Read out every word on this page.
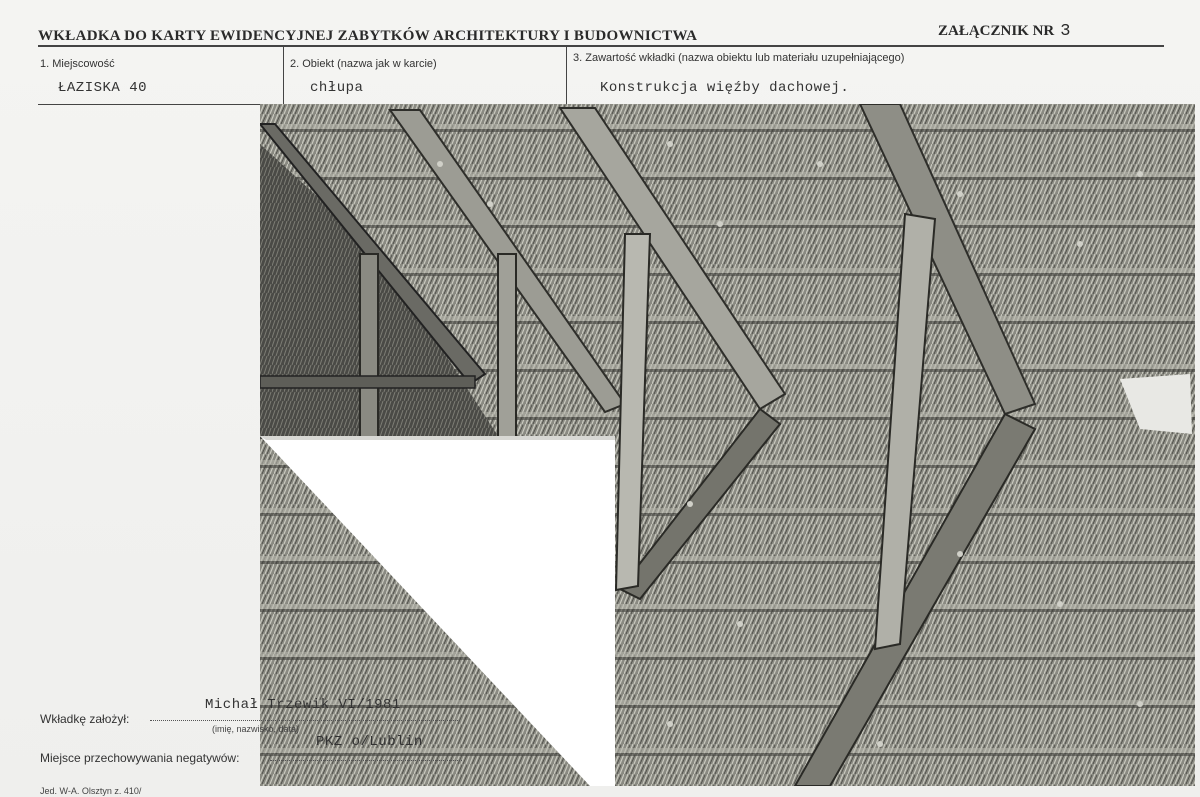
WKŁADKA DO KARTY EWIDENCYJNEJ ZABYTKÓW ARCHITEKTURY I BUDOWNICTWA	ZAŁĄCZNIK NR 3
1. Miejscowość
ŁAZISKA 40
2. Obiekt (nazwa jak w karcie)
chłupa
3. Zawartość wkładki (nazwa obiektu lub materiału uzupełniającego)
Konstrukcja więźby dachowej.
Wkładkę założył:
Michał Trzewik VI/1981
(imię, nazwisko, data)
Miejsce przechowywania negatywów:
PKZ o/Lublin
Jed. W-A. Olsztyn z. 410/
